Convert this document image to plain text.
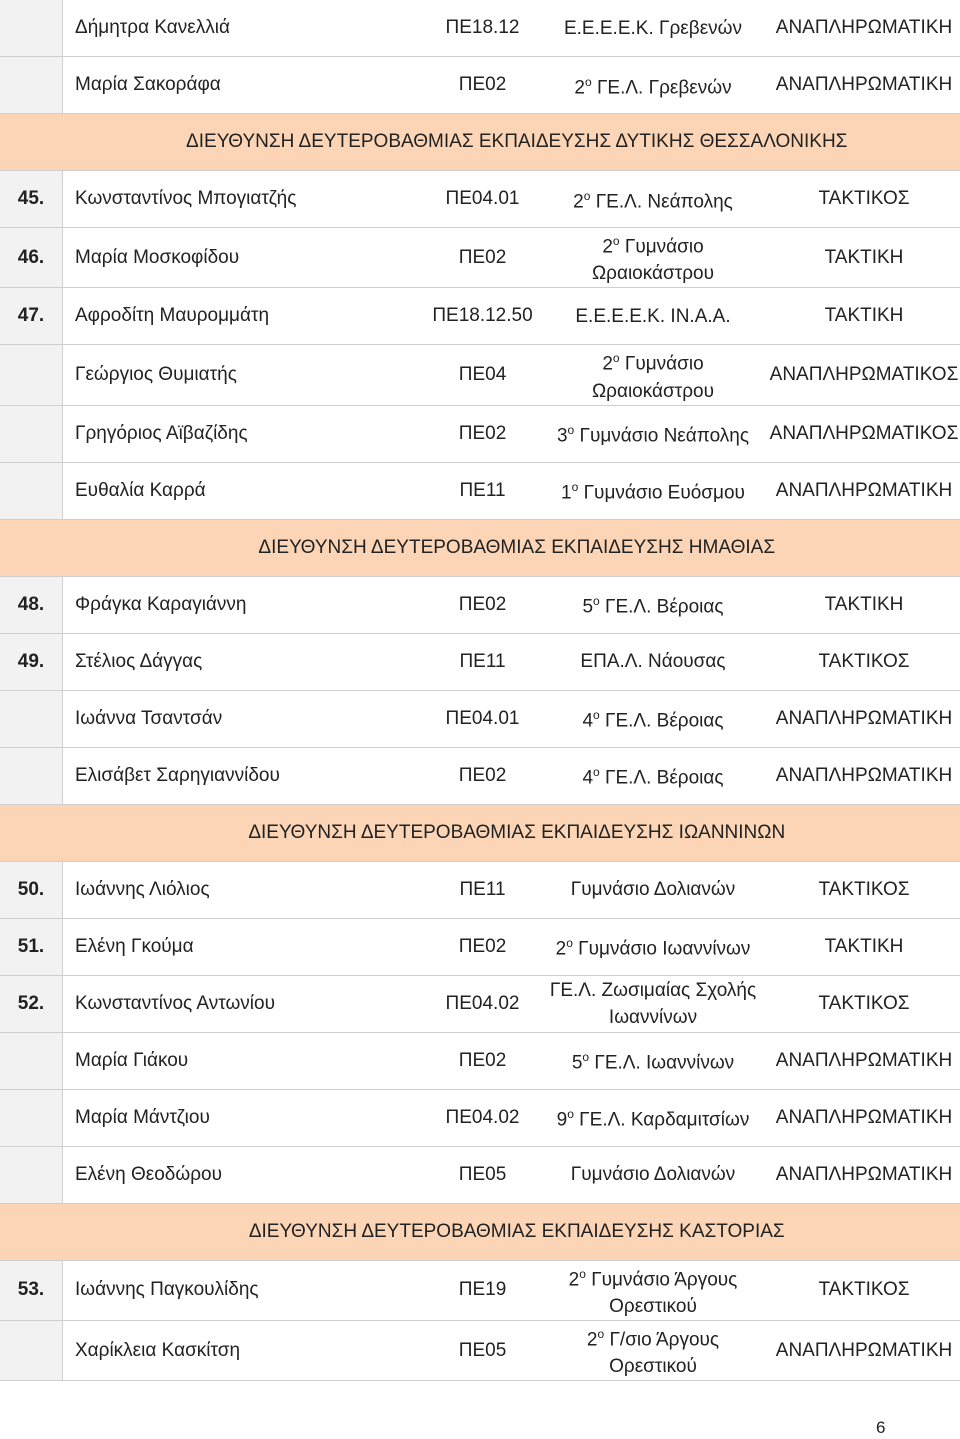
	Δήμητρα Κανελλιά	ΠΕ18.12	Ε.Ε.Ε.Ε.Κ. Γρεβενών	ΑΝΑΠΛΗΡΩΜΑΤΙΚΗ
	Μαρία Σακοράφα	ΠΕ02	$2^o$ ΓΕ.Λ. Γρεβενών	ΑΝΑΠΛΗΡΩΜΑΤΙΚΗ
	ΔΙΕΥΘΥΝΣΗ ΔΕΥΤΕΡΟΒΑΘΜΙΑΣ ΕΚΠΑΙΔΕΥΣΗΣ ΔΥΤΙΚΗΣ ΘΕΣΣΑΛΟΝΙΚΗΣ			
45.	Κωνσταντίνος Μπογιατζής	ΠΕ04.01	$2^o$ ΓΕ.Λ. Νεάπολης	ΤΑΚΤΙΚΟΣ
46.	Μαρία Μοσκοφίδου	ΠΕ02	$2^o$ Γυμνάσιο Ωραιοκάστρου	ΤΑΚΤΙΚΗ
47.	Αφροδίτη Μαυρομμάτη	ΠΕ18.12.50	Ε.Ε.Ε.Ε.Κ. ΙΝ.Α.Α.	ΤΑΚΤΙΚΗ
	Γεώργιος Θυμιατής	ΠΕ04	$2^o$ Γυμνάσιο Ωραιοκάστρου	ΑΝΑΠΛΗΡΩΜΑΤΙΚΟΣ
	Γρηγόριος Αϊβαζίδης	ΠΕ02	$3^o$ Γυμνάσιο Νεάπολης	ΑΝΑΠΛΗΡΩΜΑΤΙΚΟΣ
	Ευθαλία Καρρά	ΠΕ11	$1^o$ Γυμνάσιο Ευόσμου	ΑΝΑΠΛΗΡΩΜΑΤΙΚΗ
	ΔΙΕΥΘΥΝΣΗ ΔΕΥΤΕΡΟΒΑΘΜΙΑΣ ΕΚΠΑΙΔΕΥΣΗΣ ΗΜΑΘΙΑΣ			
48.	Φράγκα Καραγιάννη	ΠΕ02	$5^o$ ΓΕ.Λ. Βέροιας	ΤΑΚΤΙΚΗ
49.	Στέλιος Δάγγας	ΠΕ11	ΕΠΑ.Λ. Νάουσας	ΤΑΚΤΙΚΟΣ
	Ιωάννα Τσαντσάν	ΠΕ04.01	$4^o$ ΓΕ.Λ. Βέροιας	ΑΝΑΠΛΗΡΩΜΑΤΙΚΗ
	Ελισάβετ Σαρηγιαννίδου	ΠΕ02	$4^o$ ΓΕ.Λ. Βέροιας	ΑΝΑΠΛΗΡΩΜΑΤΙΚΗ
	ΔΙΕΥΘΥΝΣΗ ΔΕΥΤΕΡΟΒΑΘΜΙΑΣ ΕΚΠΑΙΔΕΥΣΗΣ ΙΩΑΝΝΙΝΩΝ			
50.	Ιωάννης Λιόλιος	ΠΕ11	Γυμνάσιο Δολιανών	ΤΑΚΤΙΚΟΣ
51.	Ελένη Γκούμα	ΠΕ02	$2^o$ Γυμνάσιο Ιωαννίνων	ΤΑΚΤΙΚΗ
52.	Κωνσταντίνος Αντωνίου	ΠΕ04.02	ΓΕ.Λ. Ζωσιμαίας Σχολής Ιωαννίνων	ΤΑΚΤΙΚΟΣ
	Μαρία Γιάκου	ΠΕ02	$5^o$ ΓΕ.Λ. Ιωαννίνων	ΑΝΑΠΛΗΡΩΜΑΤΙΚΗ
	Μαρία Μάντζιου	ΠΕ04.02	$9^o$ ΓΕ.Λ. Καρδαμιτσίων	ΑΝΑΠΛΗΡΩΜΑΤΙΚΗ
	Ελένη Θεοδώρου	ΠΕ05	Γυμνάσιο Δολιανών	ΑΝΑΠΛΗΡΩΜΑΤΙΚΗ
	ΔΙΕΥΘΥΝΣΗ ΔΕΥΤΕΡΟΒΑΘΜΙΑΣ ΕΚΠΑΙΔΕΥΣΗΣ ΚΑΣΤΟΡΙΑΣ			
53.	Ιωάννης Παγκουλίδης	ΠΕ19	$2^o$ Γυμνάσιο Άργους Ορεστικού	ΤΑΚΤΙΚΟΣ
	Χαρίκλεια Κασκίτση	ΠΕ05	$2^o$ Γ/σιο Άργους Ορεστικού	ΑΝΑΠΛΗΡΩΜΑΤΙΚΗ
6
